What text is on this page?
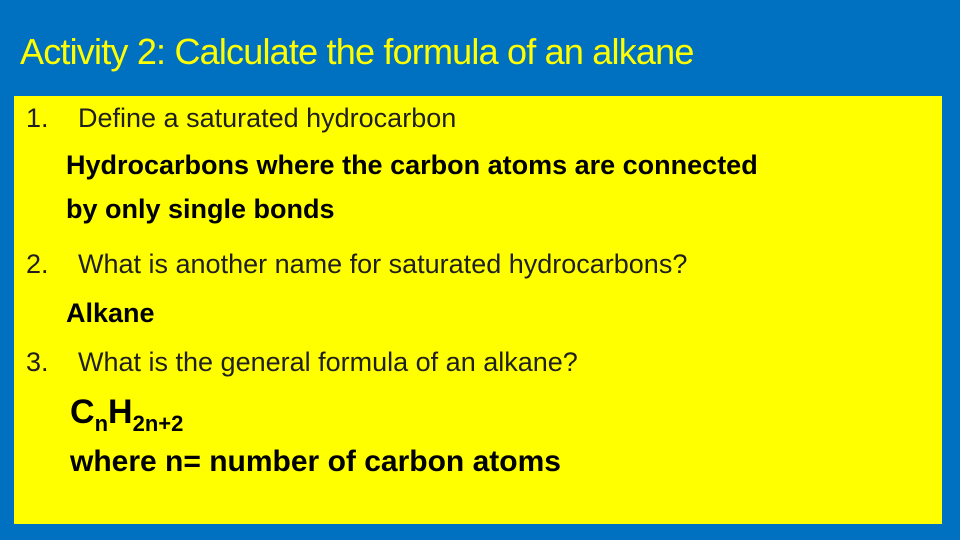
Activity 2: Calculate the formula of an alkane
1. Define a saturated hydrocarbon
Hydrocarbons where the carbon atoms are connected
by only single bonds
2. What is another name for saturated hydrocarbons?
Alkane
3. What is the general formula of an alkane?
$C_nH_{2n+2}$
where n= number of carbon atoms
